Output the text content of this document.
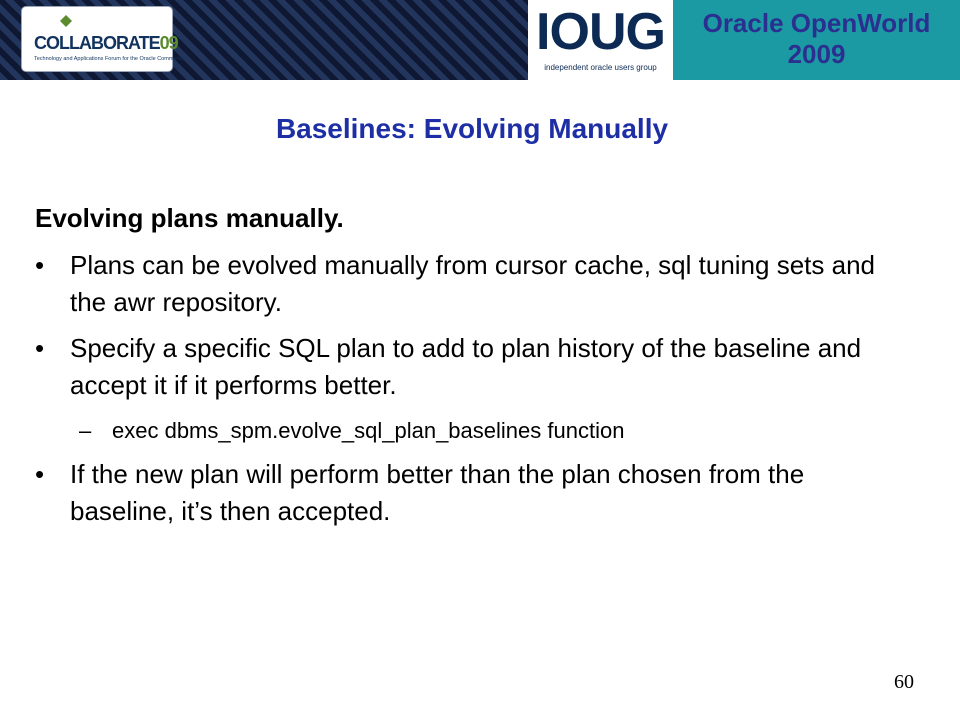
COLLABORATE09
Technology and Applications Forum for the Oracle Community	IOUG
independent oracle users group
Oracle OpenWorld
2009
Baselines: Evolving Manually
Evolving plans manually.
• Plans can be evolved manually from cursor cache, sql tuning sets and the awr repository.
• Specify a specific SQL plan to add to plan history of the baseline and accept it if it performs better.
– exec dbms_spm.evolve_sql_plan_baselines function
• If the new plan will perform better than the plan chosen from the baseline, it’s then accepted.
60
